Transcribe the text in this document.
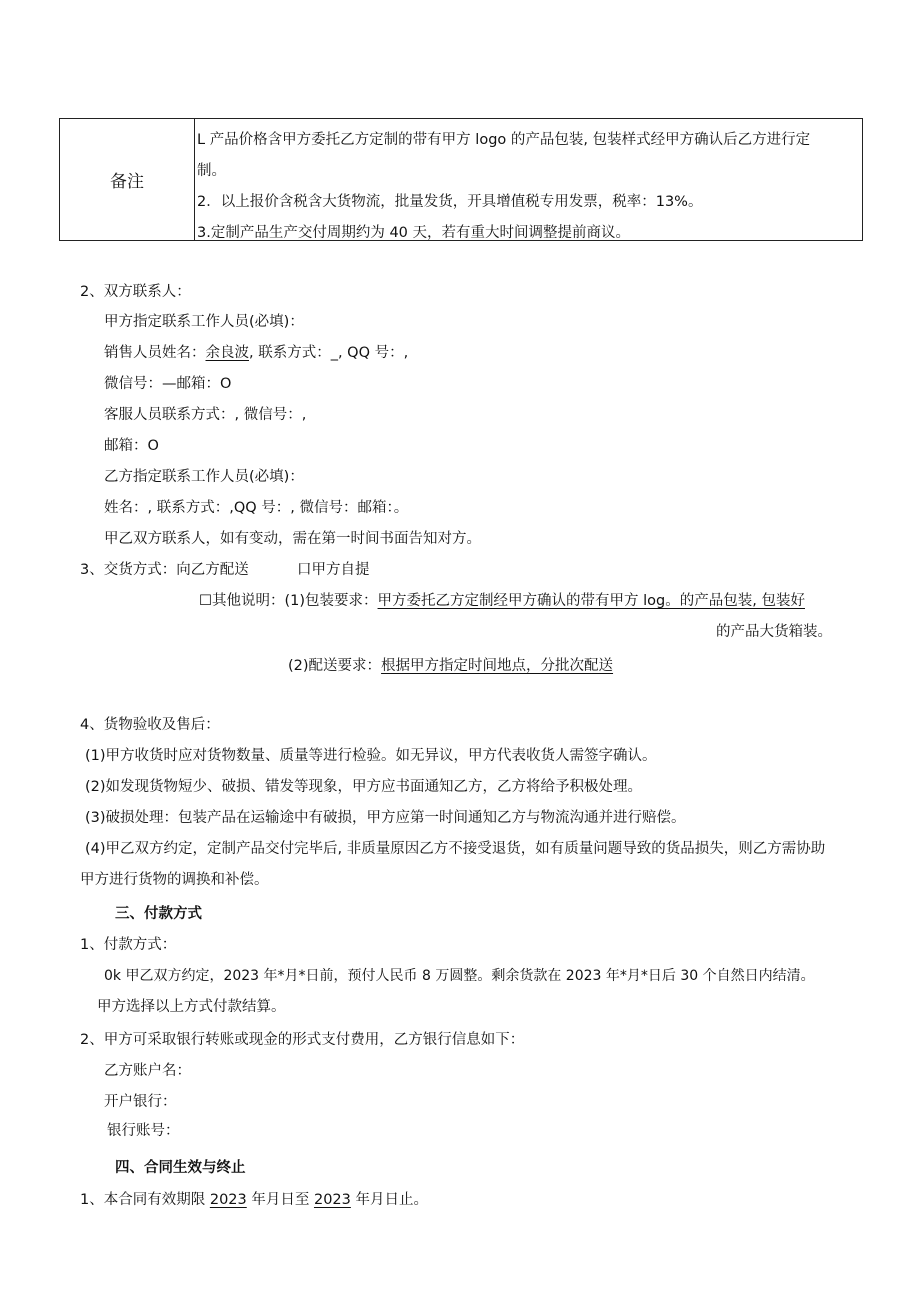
备注
L 产品价格含甲方委托乙方定制的带有甲方 logo 的产品包装, 包装样式经甲方确认后乙方进行定
制。
2．以上报价含税含大货物流，批量发货，开具增值税专用发票，税率：13%。
3.定制产品生产交付周期约为 40 天，若有重大时间调整提前商议。
2、双方联系人：
甲方指定联系工作人员(必填)：
销售人员姓名：余良波, 联系方式：_, QQ 号：,
微信号：—邮箱：O
客服人员联系方式：, 微信号：,
邮箱：O
乙方指定联系工作人员(必填)：
姓名：, 联系方式：,QQ 号：, 微信号：邮箱：。
甲乙双方联系人，如有变动，需在第一时间书面告知对方。
3、交货方式：向乙方配送	口甲方自提
☐其他说明：(1)包装要求：甲方委托乙方定制经甲方确认的带有甲方 log。的产品包装, 包装好
的产品大货箱装。
(2)配送要求：根据甲方指定时间地点，分批次配送
4、货物验收及售后：
(1)甲方收货时应对货物数量、质量等进行检验。如无异议，甲方代表收货人需签字确认。
(2)如发现货物短少、破损、错发等现象，甲方应书面通知乙方，乙方将给予积极处理。
(3)破损处理：包装产品在运输途中有破损，甲方应第一时间通知乙方与物流沟通并进行赔偿。
(4)甲乙双方约定，定制产品交付完毕后, 非质量原因乙方不接受退货，如有质量问题导致的货品损失，则乙方需协助
甲方进行货物的调换和补偿。
三、付款方式
1、付款方式：
0k 甲乙双方约定，2023 年*月*日前，预付人民币 8 万圆整。剩余货款在 2023 年*月*日后 30 个自然日内结清。
甲方选择以上方式付款结算。
2、甲方可采取银行转账或现金的形式支付费用，乙方银行信息如下：
乙方账户名：
开户银行：
银行账号：
四、合同生效与终止
1、本合同有效期限 2023 年月日至 2023 年月日止。
